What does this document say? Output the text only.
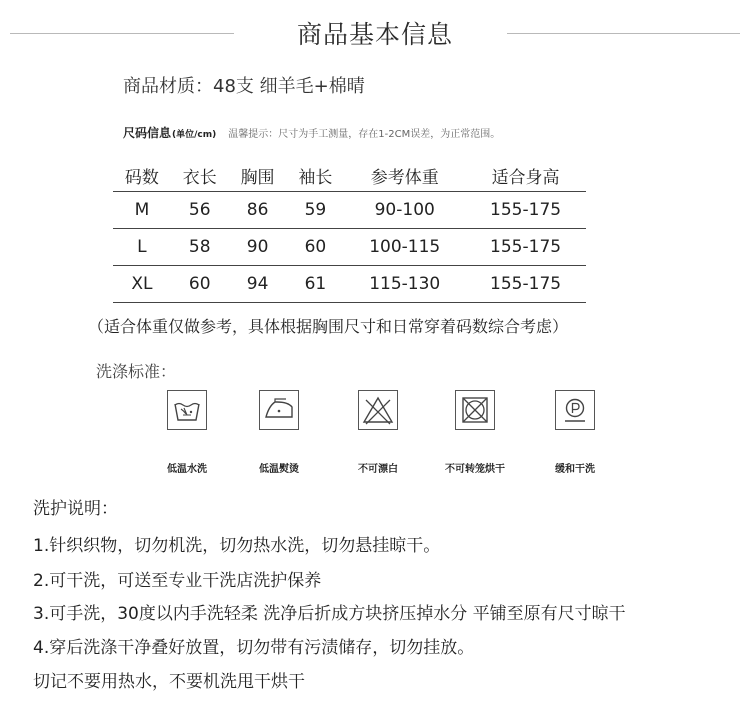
商品基本信息
商品材质：48支 细羊毛+棉晴
尺码信息(单位/cm) 温馨提示：尺寸为手工测量，存在1-2CM误差，为正常范围。
码数	衣长	胸围	袖长	参考体重	适合身高
M	56	86	59	90-100	155-175
L	58	90	60	100-115	155-175
XL	60	94	61	115-130	155-175
（适合体重仅做参考，具体根据胸围尺寸和日常穿着码数综合考虑）
洗涤标准：
低温水洗	低温熨烫	不可漂白	不可转笼烘干	缓和干洗
洗护说明：
1.针织织物，切勿机洗，切勿热水洗，切勿悬挂晾干。
2.可干洗，可送至专业干洗店洗护保养
3.可手洗，30度以内手洗轻柔 洗净后折成方块挤压掉水分 平铺至原有尺寸晾干
4.穿后洗涤干净叠好放置，切勿带有污渍储存，切勿挂放。
切记不要用热水，不要机洗甩干烘干
